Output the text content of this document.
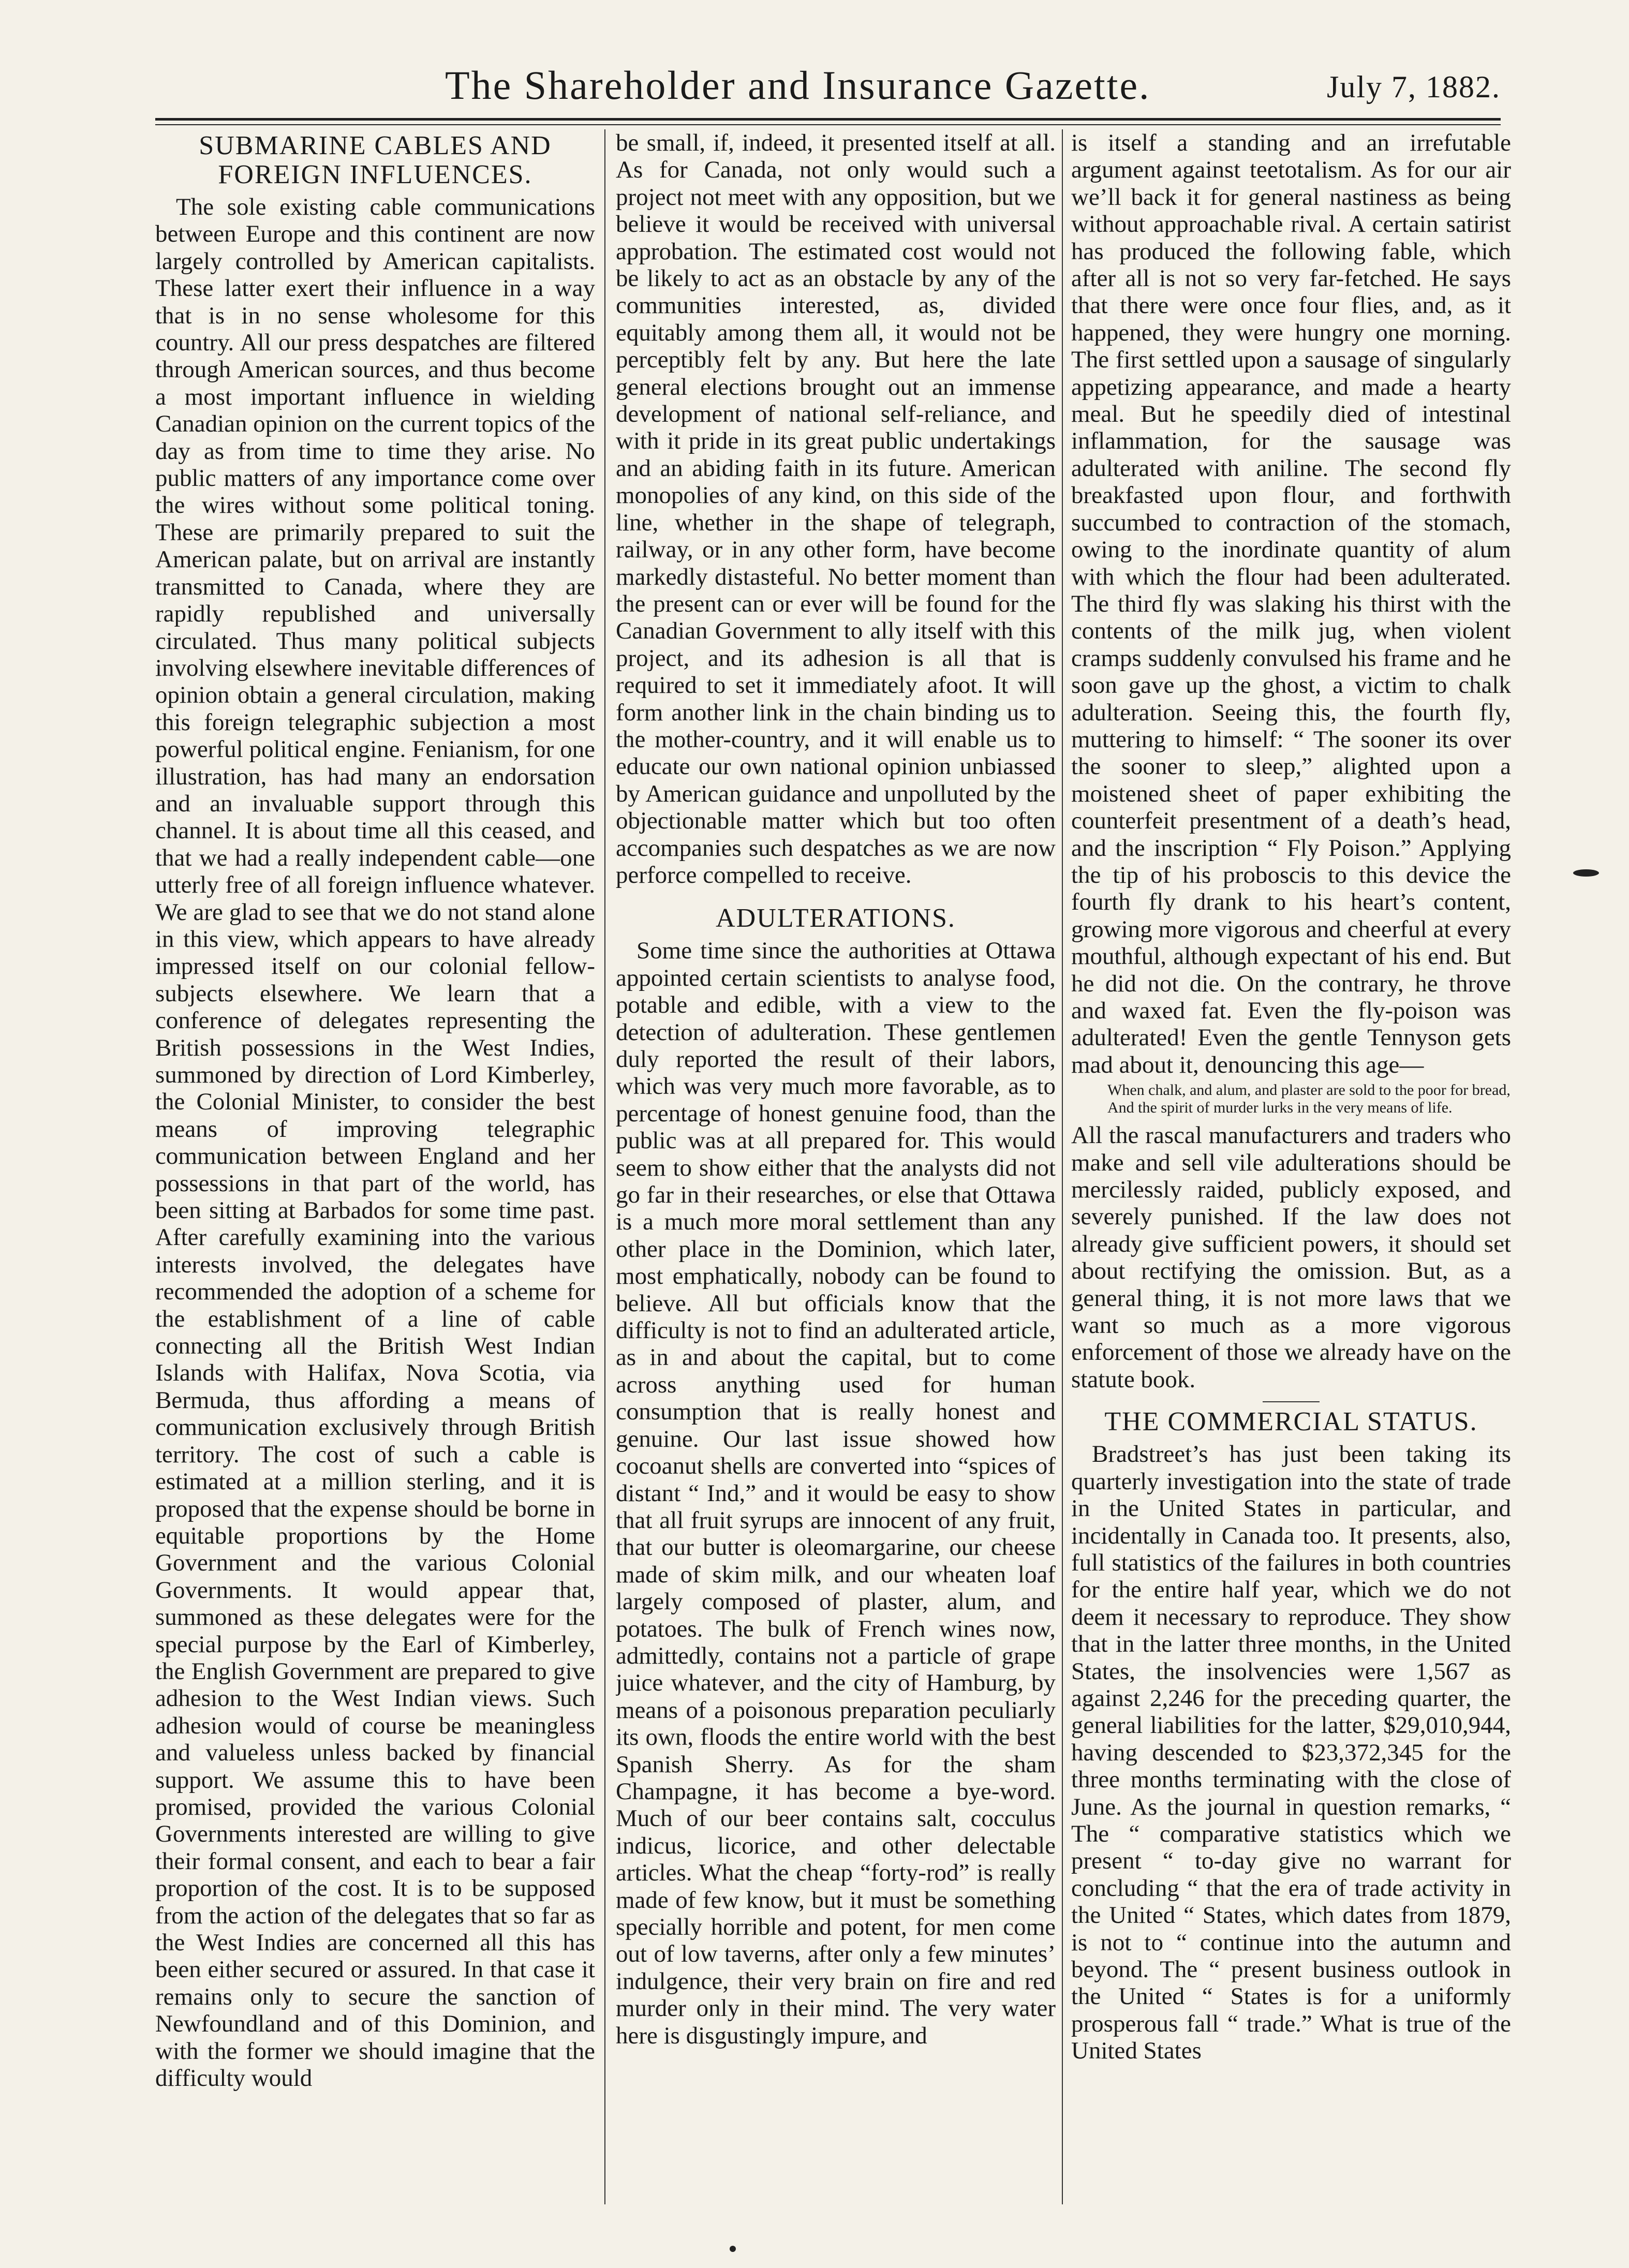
The Shareholder and Insurance Gazette.	July 7, 1882.
SUBMARINE CABLES AND FOREIGN INFLUENCES.

The sole existing cable communications between Europe and this continent are now largely controlled by American capitalists. These latter exert their influence in a way that is in no sense wholesome for this country. All our press despatches are filtered through American sources, and thus become a most important influence in wielding Canadian opinion on the current topics of the day as from time to time they arise. No public matters of any importance come over the wires without some political toning. These are primarily prepared to suit the American palate, but on arrival are instantly transmitted to Canada, where they are rapidly republished and universally circulated. Thus many political subjects involving elsewhere inevitable differences of opinion obtain a general circulation, making this foreign telegraphic subjection a most powerful political engine. Fenianism, for one illustration, has had many an endorsation and an invaluable support through this channel. It is about time all this ceased, and that we had a really independent cable—one utterly free of all foreign influence whatever. We are glad to see that we do not stand alone in this view, which appears to have already impressed itself on our colonial fellow-subjects elsewhere. We learn that a conference of delegates representing the British possessions in the West Indies, summoned by direction of Lord Kimberley, the Colonial Minister, to consider the best means of improving telegraphic communication between England and her possessions in that part of the world, has been sitting at Barbados for some time past. After carefully examining into the various interests involved, the delegates have recommended the adoption of a scheme for the establishment of a line of cable connecting all the British West Indian Islands with Halifax, Nova Scotia, via Bermuda, thus affording a means of communication exclusively through British territory. The cost of such a cable is estimated at a million sterling, and it is proposed that the expense should be borne in equitable proportions by the Home Government and the various Colonial Governments. It would appear that, summoned as these delegates were for the special purpose by the Earl of Kimberley, the English Government are prepared to give adhesion to the West Indian views. Such adhesion would of course be meaningless and valueless unless backed by financial support. We assume this to have been promised, provided the various Colonial Governments interested are willing to give their formal consent, and each to bear a fair proportion of the cost. It is to be supposed from the action of the delegates that so far as the West Indies are concerned all this has been either secured or assured. In that case it remains only to secure the sanction of Newfoundland and of this Dominion, and with the former we should imagine that the difficulty would

be small, if, indeed, it presented itself at all. As for Canada, not only would such a project not meet with any opposition, but we believe it would be received with universal approbation. The estimated cost would not be likely to act as an obstacle by any of the communities interested, as, divided equitably among them all, it would not be perceptibly felt by any. But here the late general elections brought out an immense development of national self-reliance, and with it pride in its great public undertakings and an abiding faith in its future. American monopolies of any kind, on this side of the line, whether in the shape of telegraph, railway, or in any other form, have become markedly distasteful. No better moment than the present can or ever will be found for the Canadian Government to ally itself with this project, and its adhesion is all that is required to set it immediately afoot. It will form another link in the chain binding us to the mother-country, and it will enable us to educate our own national opinion unbiassed by American guidance and unpolluted by the objectionable matter which but too often accompanies such despatches as we are now perforce compelled to receive.

ADULTERATIONS.

Some time since the authorities at Ottawa appointed certain scientists to analyse food, potable and edible, with a view to the detection of adulteration. These gentlemen duly reported the result of their labors, which was very much more favorable, as to percentage of honest genuine food, than the public was at all prepared for. This would seem to show either that the analysts did not go far in their researches, or else that Ottawa is a much more moral settlement than any other place in the Dominion, which later, most emphatically, nobody can be found to believe. All but officials know that the difficulty is not to find an adulterated article, as in and about the capital, but to come across anything used for human consumption that is really honest and genuine. Our last issue showed how cocoanut shells are converted into “spices of distant “ Ind,” and it would be easy to show that all fruit syrups are innocent of any fruit, that our butter is oleomargarine, our cheese made of skim milk, and our wheaten loaf largely composed of plaster, alum, and potatoes. The bulk of French wines now, admittedly, contains not a particle of grape juice whatever, and the city of Hamburg, by means of a poisonous preparation peculiarly its own, floods the entire world with the best Spanish Sherry. As for the sham Champagne, it has become a bye-word. Much of our beer contains salt, cocculus indicus, licorice, and other delectable articles. What the cheap “forty-rod” is really made of few know, but it must be something specially horrible and potent, for men come out of low taverns, after only a few minutes’ indulgence, their very brain on fire and red murder only in their mind. The very water here is disgustingly impure, and

is itself a standing and an irrefutable argument against teetotalism. As for our air we’ll back it for general nastiness as being without approachable rival. A certain satirist has produced the following fable, which after all is not so very far-fetched. He says that there were once four flies, and, as it happened, they were hungry one morning. The first settled upon a sausage of singularly appetizing appearance, and made a hearty meal. But he speedily died of intestinal inflammation, for the sausage was adulterated with aniline. The second fly breakfasted upon flour, and forthwith succumbed to contraction of the stomach, owing to the inordinate quantity of alum with which the flour had been adulterated. The third fly was slaking his thirst with the contents of the milk jug, when violent cramps suddenly convulsed his frame and he soon gave up the ghost, a victim to chalk adulteration. Seeing this, the fourth fly, muttering to himself: “ The sooner its over the sooner to sleep,” alighted upon a moistened sheet of paper exhibiting the counterfeit presentment of a death’s head, and the inscription “ Fly Poison.” Applying the tip of his proboscis to this device the fourth fly drank to his heart’s content, growing more vigorous and cheerful at every mouthful, although expectant of his end. But he did not die. On the contrary, he throve and waxed fat. Even the fly-poison was adulterated! Even the gentle Tennyson gets mad about it, denouncing this age—

When chalk, and alum, and plaster are sold to the poor for bread,
And the spirit of murder lurks in the very means of life.

All the rascal manufacturers and traders who make and sell vile adulterations should be mercilessly raided, publicly exposed, and severely punished. If the law does not already give sufficient powers, it should set about rectifying the omission. But, as a general thing, it is not more laws that we want so much as a more vigorous enforcement of those we already have on the statute book.

THE COMMERCIAL STATUS.

Bradstreet’s has just been taking its quarterly investigation into the state of trade in the United States in particular, and incidentally in Canada too. It presents, also, full statistics of the failures in both countries for the entire half year, which we do not deem it necessary to reproduce. They show that in the latter three months, in the United States, the insolvencies were 1,567 as against 2,246 for the preceding quarter, the general liabilities for the latter, $29,010,944, having descended to $23,372,345 for the three months terminating with the close of June. As the journal in question remarks, “ The “ comparative statistics which we present “ to-day give no warrant for concluding “ that the era of trade activity in the United “ States, which dates from 1879, is not to “ continue into the autumn and beyond. The “ present business outlook in the United “ States is for a uniformly prosperous fall “ trade.” What is true of the United States
